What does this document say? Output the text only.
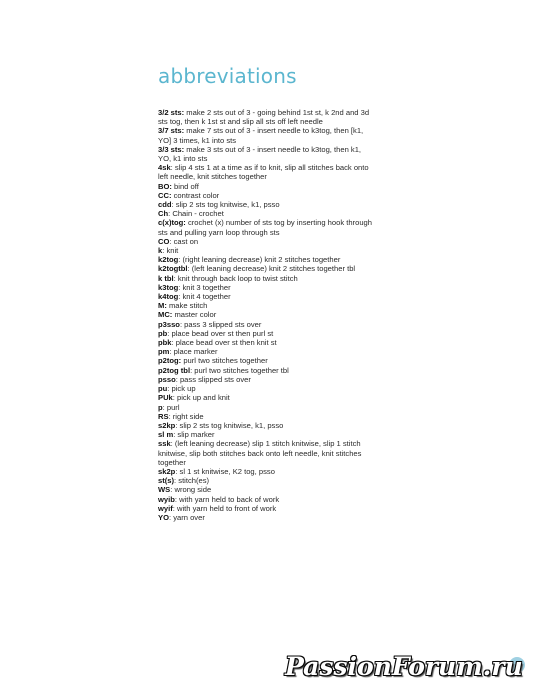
abbreviations

3/2 sts: make 2 sts out of 3 - going behind 1st st, k 2nd and 3d sts tog, then k 1st st and slip all sts off left needle

3/7 sts: make 7 sts out of 3 - insert needle to k3tog, then [k1, YO] 3 times, k1 into sts

3/3 sts: make 3 sts out of 3 - insert needle to k3tog, then k1, YO, k1 into sts

4sk: slip 4 sts 1 at a time as if to knit, slip all stitches back onto left needle, knit stitches together

BO: bind off

CC: contrast color

cdd: slip 2 sts tog knitwise, k1, psso

Ch: Chain - crochet

c(x)tog: crochet (x) number of sts tog by inserting hook through sts and pulling yarn loop through sts

CO: cast on

k: knit

k2tog: (right leaning decrease) knit 2 stitches together

k2togtbl: (left leaning decrease) knit 2 stitches together tbl

k tbl: knit through back loop to twist stitch

k3tog: knit 3 together

k4tog: knit 4 together

M: make stitch

MC: master color

p3sso: pass 3 slipped sts over

pb: place bead over st then purl st

pbk: place bead over st then knit st

pm: place marker

p2tog: purl two stitches together

p2tog tbl: purl two stitches together tbl

psso: pass slipped sts over

pu: pick up

PUk: pick up and knit

p: purl

RS: right side

s2kp: slip 2 sts tog knitwise, k1, psso

sl m: slip marker

ssk: (left leaning decrease) slip 1 stitch knitwise, slip 1 stitch knitwise, slip both stitches back onto left needle, knit stitches together

sk2p: sl 1 st knitwise, K2 tog, psso

st(s): stitch(es)

WS: wrong side

wyib: with yarn held to back of work

wyif: with yarn held to front of work

YO: yarn over

PassionForum.ru
